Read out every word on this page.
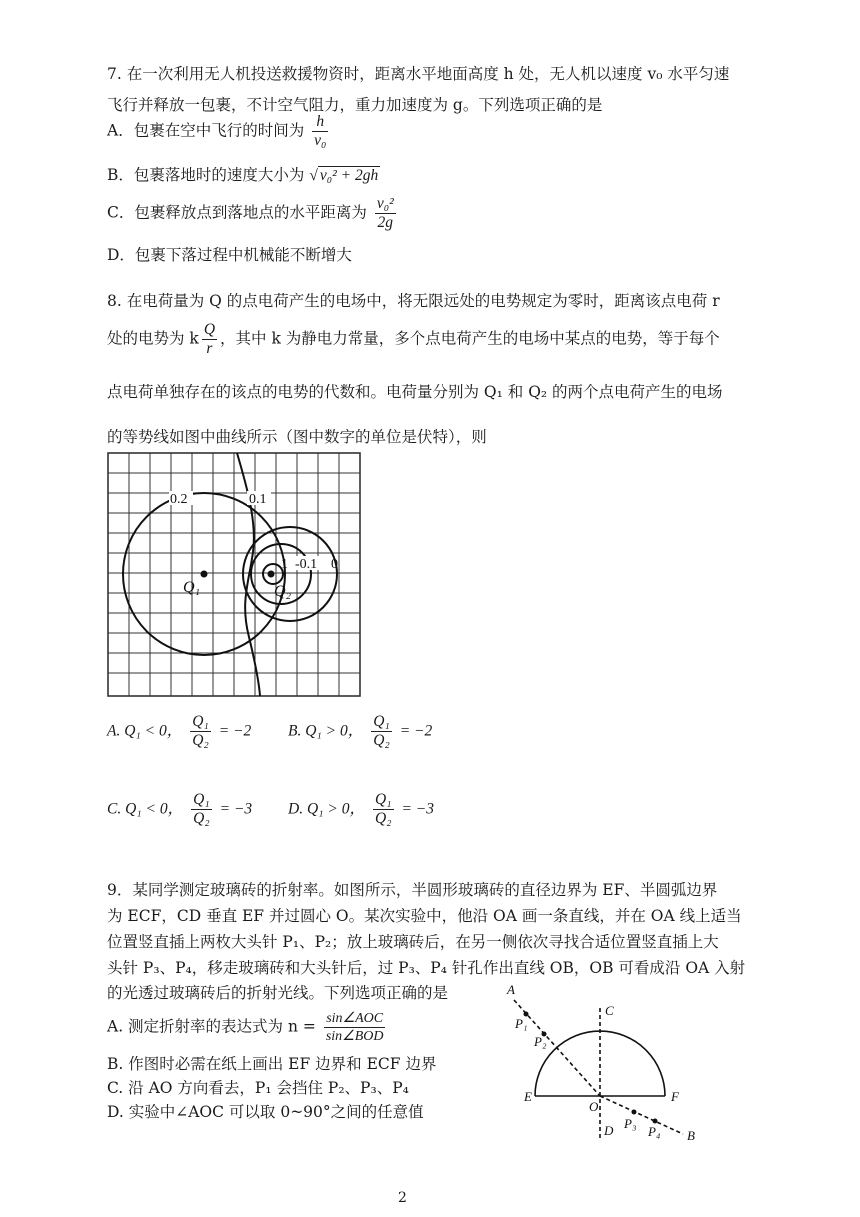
7. 在一次利用无人机投送救援物资时，距离水平地面高度 h 处，无人机以速度 v₀ 水平匀速
飞行并释放一包裹，不计空气阻力，重力加速度为 g。下列选项正确的是
A．包裹在空中飞行的时间为 $\frac{h}{\text{v₀}}$
B．包裹落地时的速度大小为 √ v₀² + 2gh
C．包裹释放点到落地点的水平距离为 $\frac{\text{v₀²}}{2g}$
D．包裹下落过程中机械能不断增大
8. 在电荷量为 Q 的点电荷产生的电场中，将无限远处的电势规定为零时，距离该点电荷 r
处的电势为 k $\frac{Q}{r}$ ，其中 k 为静电力常量，多个点电荷产生的电场中某点的电势，等于每个
点电荷单独存在的该点的电势的代数和。电荷量分别为 Q₁ 和 Q₂ 的两个点电荷产生的电场
的等势线如图中曲线所示（图中数字的单位是伏特），则
0.2	0.1
1 -0.1 0
Q₁	Q₂
A. Q₁ < 0， $\frac{\text{Q₁}}{\text{Q₂}} = -2$ B. Q₁ > 0， $\frac{\text{Q₁}}{\text{Q₂}} = -2$
C. Q₁ < 0， $\frac{\text{Q₁}}{\text{Q₂}} = -3$ D. Q₁ > 0， $\frac{\text{Q₁}}{\text{Q₂}} = -3$
9．某同学测定玻璃砖的折射率。如图所示，半圆形玻璃砖的直径边界为 EF、半圆弧边界
为 ECF，CD 垂直 EF 并过圆心 O。某次实验中，他沿 OA 画一条直线，并在 OA 线上适当
位置竖直插上两枚大头针 P₁、P₂；放上玻璃砖后，在另一侧依次寻找合适位置竖直插上大
头针 P₃、P₄，移走玻璃砖和大头针后，过 P₃、P₄ 针孔作出直线 OB，OB 可看成沿 OA 入射
的光透过玻璃砖后的折射光线。下列选项正确的是
A. 测定折射率的表达式为 $n = \frac{\text{sin∠AOC}}{\text{sin∠BOD}}$
B. 作图时必需在纸上画出 EF 边界和 ECF 边界
C. 沿 AO 方向看去，P₁ 会挡住 P₂、P₃、P₄
D. 实验中∠AOC 可以取 0~90°之间的任意值
A
P₁
P₂
C
E	F
O
D P₃
P₄ B
2
